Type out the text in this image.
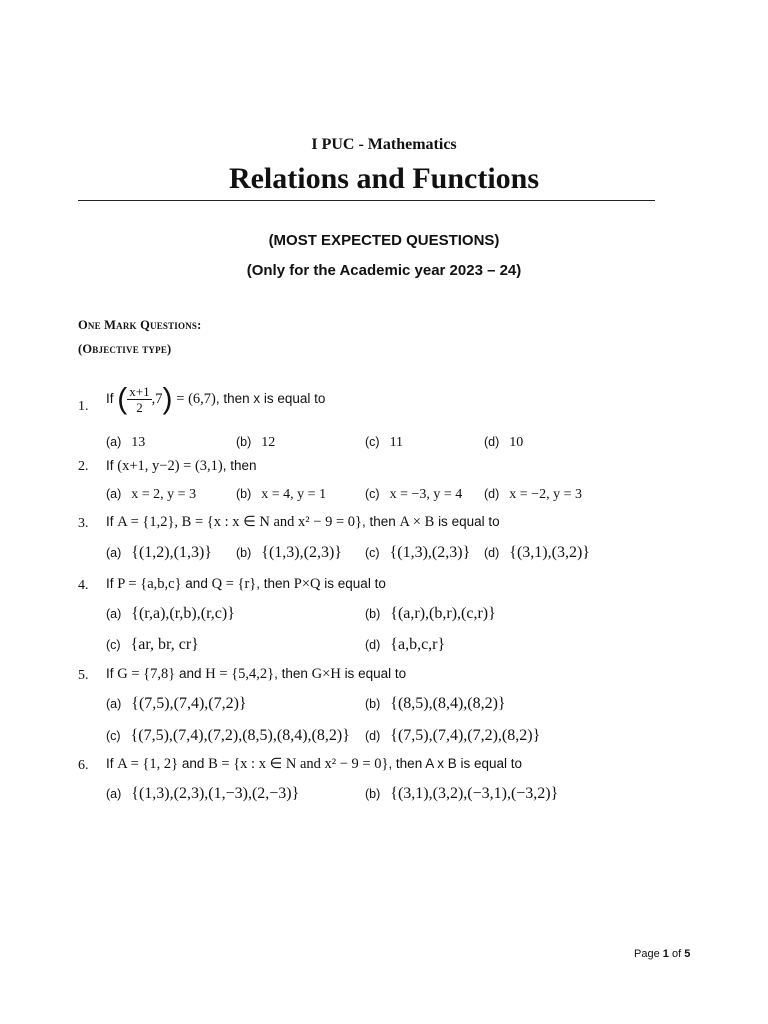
I PUC - Mathematics
Relations and Functions
(MOST EXPECTED QUESTIONS)
(Only for the Academic year 2023 – 24)
One Mark Questions:
(Objective type)
1.
If ( $\frac{x+1}{2} ,7) = (6,7)$, then x is equal to
(a) 13	(b) 12	(c) 11	(d) 10
2. If (x+1, y−2) = (3,1), then
(a) x = 2, y = 3	(b) x = 4, y = 1	(c) x = −3, y = 4 (d) x = −2, y = 3
3. If A = {1,2}, B = {x : x ∈ N and x² − 9 = 0}, then A × B is equal to
(a) {(1,2),(1,3)} (b) {(1,3),(2,3)} (c) {(1,3),(2,3)} (d) {(3,1),(3,2)}
4. If P = {a,b,c} and Q = {r}, then P×Q is equal to
(a) {(r,a),(r,b),(r,c)}	(b) {(a,r),(b,r),(c,r)}
(c) {ar, br, cr}	(d) {a,b,c,r}
5. If G = {7,8} and H = {5,4,2}, then G×H is equal to
(a) {(7,5),(7,4),(7,2)}	(b) {(8,5),(8,4),(8,2)}
(c) {(7,5),(7,4),(7,2),(8,5),(8,4),(8,2)} (d) {(7,5),(7,4),(7,2),(8,2)}
6. If A = {1, 2} and B = {x : x ∈ N and x² − 9 = 0}, then A x B is equal to
(a) {(1,3),(2,3),(1,−3),(2,−3)}	(b) {(3,1),(3,2),(−3,1),(−3,2)}
Page 1 of 5
